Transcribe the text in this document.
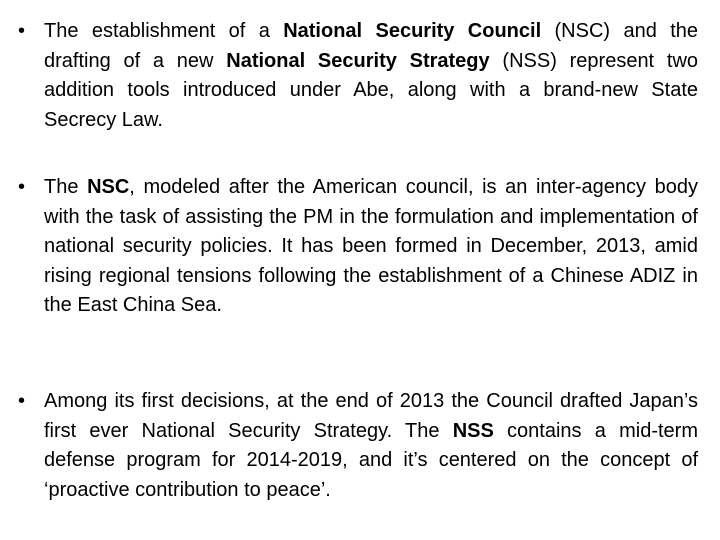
• The establishment of a National Security Council (NSC) and the drafting of a new National Security Strategy (NSS) represent two addition tools introduced under Abe, along with a brand-new State Secrecy Law.
• The NSC, modeled after the American council, is an inter-agency body with the task of assisting the PM in the formulation and implementation of national security policies. It has been formed in December, 2013, amid rising regional tensions following the establishment of a Chinese ADIZ in the East China Sea.
• Among its first decisions, at the end of 2013 the Council drafted Japan’s first ever National Security Strategy. The NSS contains a mid-term defense program for 2014-2019, and it’s centered on the concept of ‘proactive contribution to peace’.
